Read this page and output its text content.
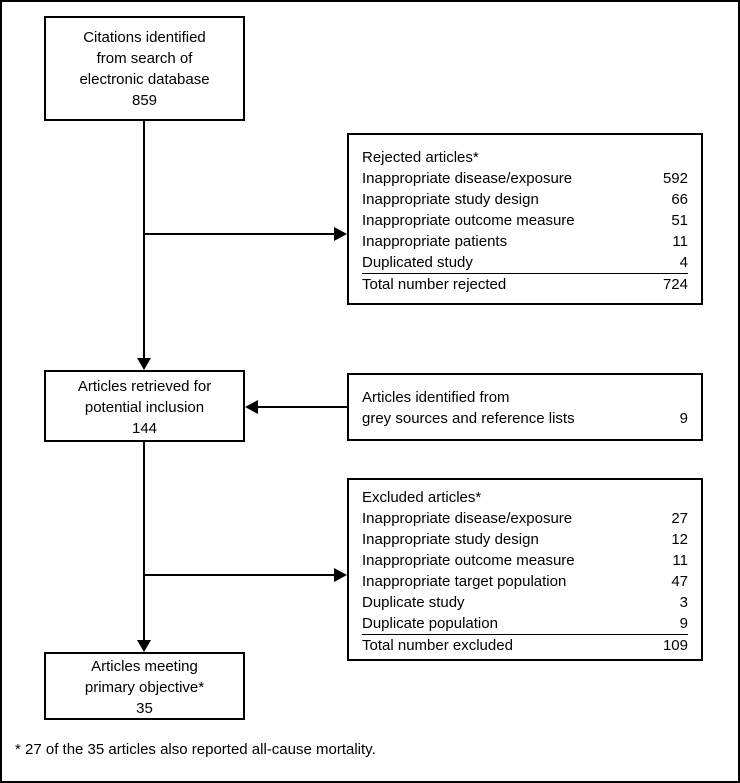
Citations identified
from search of
electronic database
859
Rejected articles*
Inappropriate disease/exposure	592
Inappropriate study design	66
Inappropriate outcome measure	51
Inappropriate patients	11
Duplicated study	4
Total number rejected	724
Articles retrieved for
potential inclusion
144
Articles identified from
grey sources and reference lists	9
Excluded articles*
Inappropriate disease/exposure	27
Inappropriate study design	12
Inappropriate outcome measure	11
Inappropriate target population	47
Duplicate study	3
Duplicate population	9
Total number excluded	109
Articles meeting
primary objective*
35
* 27 of the 35 articles also reported all-cause mortality.
